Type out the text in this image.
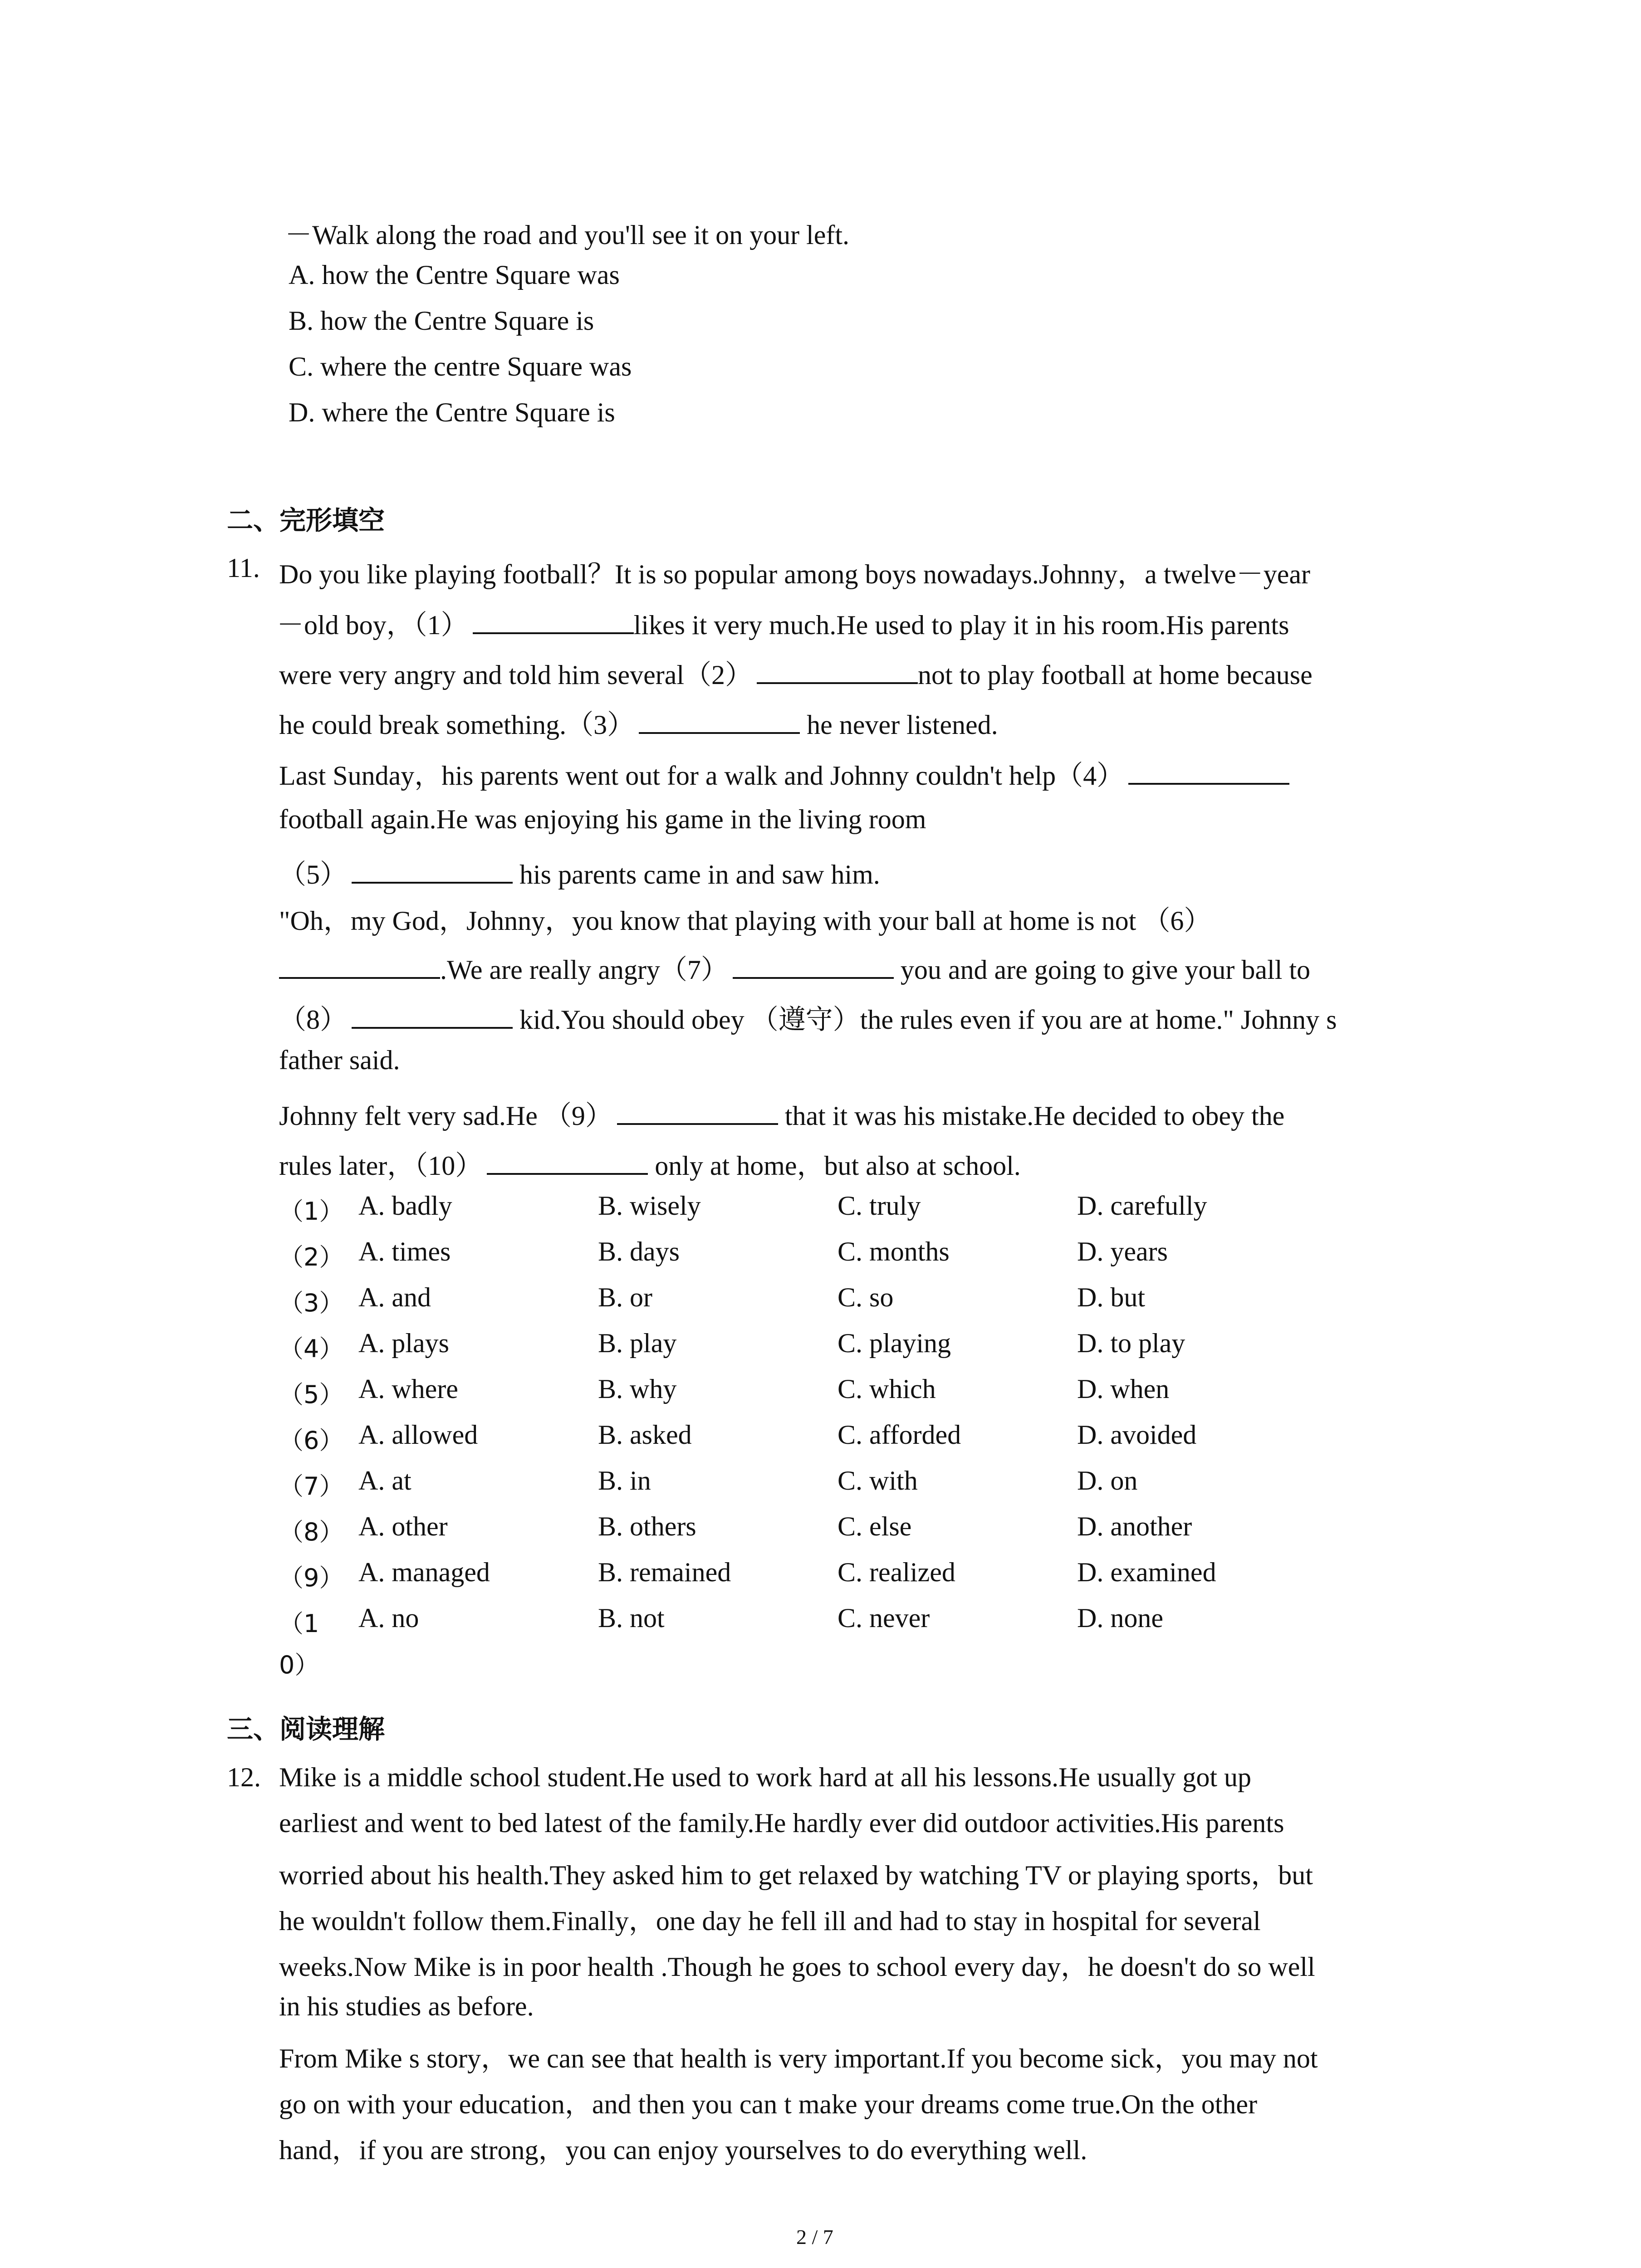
－Walk along the road and you'll see it on your left.
A. how the Centre Square was
B. how the Centre Square is
C. where the centre Square was
D. where the Centre Square is
二、完形填空
11. Do you like playing football？It is so popular among boys nowadays.Johnny，a twelve－year
－old boy，（1）	likes it very much.He used to play it in his room.His parents
were very angry and told him several（2）	not to play football at home because
he could break something.（3）	he never listened.
Last Sunday，his parents went out for a walk and Johnny couldn't help（4）
football again.He was enjoying his game in the living room
（5）	his parents came in and saw him.
"Oh，my God，Johnny，you know that playing with your ball at home is not （6）
.We are really angry（7）	you and are going to give your ball to
（8）	kid.You should obey （遵守）the rules even if you are at home." Johnny s
father said.
Johnny felt very sad.He （9）	that it was his mistake.He decided to obey the
rules later，（10）	only at home，but also at school.
（1） A. badly	B. wisely	C. truly	D. carefully
（2） A. times	B. days	C. months	D. years
（3） A. and	B. or	C. so	D. but
（4） A. plays	B. play	C. playing	D. to play
（5） A. where	B. why	C. which	D. when
（6） A. allowed	B. asked	C. afforded	D. avoided
（7） A. at	B. in	C. with	D. on
（8） A. other	B. others	C. else	D. another
（9） A. managed	B. remained	C. realized	D. examined
（1 A. no	B. not	C. never	D. none
0）
三、阅读理解
12. Mike is a middle school student.He used to work hard at all his lessons.He usually got up
earliest and went to bed latest of the family.He hardly ever did outdoor activities.His parents
worried about his health.They asked him to get relaxed by watching TV or playing sports，but
he wouldn't follow them.Finally，one day he fell ill and had to stay in hospital for several
weeks.Now Mike is in poor health .Though he goes to school every day，he doesn't do so well
in his studies as before.
From Mike s story，we can see that health is very important.If you become sick，you may not
go on with your education，and then you can t make your dreams come true.On the other
hand，if you are strong，you can enjoy yourselves to do everything well.
2 / 7
